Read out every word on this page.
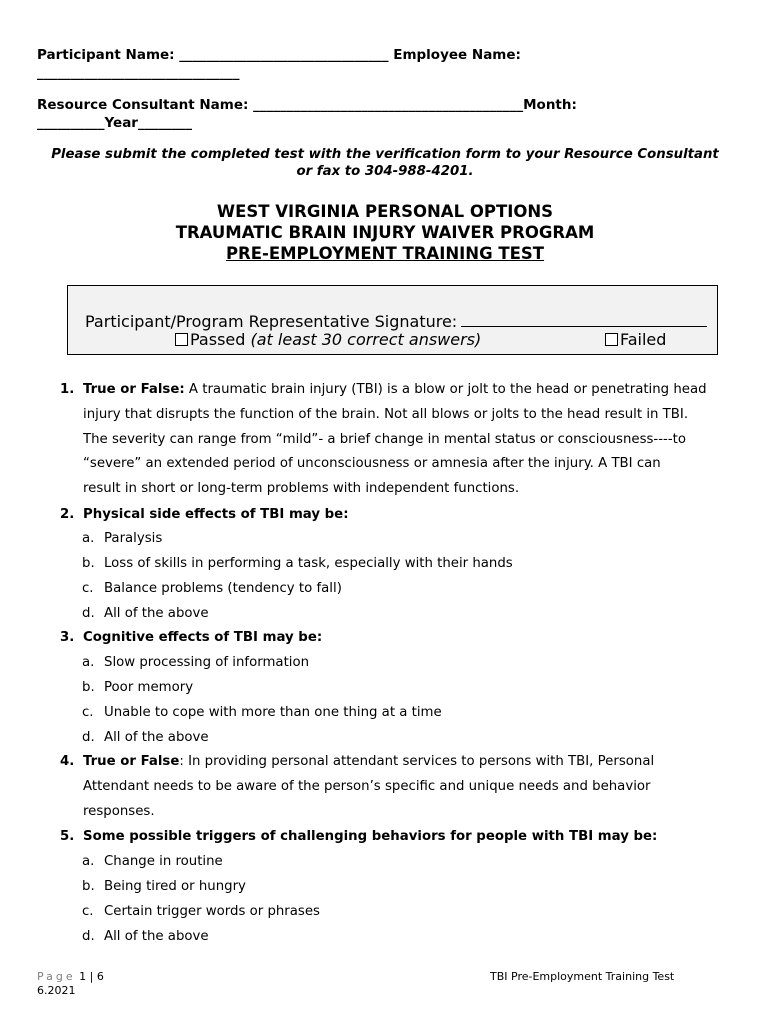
Participant Name: _______________________________ Employee Name:
______________________________
Resource Consultant Name: ________________________________________Month:
__________Year________
Please submit the completed test with the verification form to your Resource Consultant
or fax to 304-988-4201.
WEST VIRGINIA PERSONAL OPTIONS
TRAUMATIC BRAIN INJURY WAIVER PROGRAM
PRE-EMPLOYMENT TRAINING TEST
Participant/Program Representative Signature:
Passed (at least 30 correct answers)	Failed
1. True or False: A traumatic brain injury (TBI) is a blow or jolt to the head or penetrating head
injury that disrupts the function of the brain. Not all blows or jolts to the head result in TBI.
The severity can range from “mild”- a brief change in mental status or consciousness----to
“severe” an extended period of unconsciousness or amnesia after the injury. A TBI can
result in short or long-term problems with independent functions.
2. Physical side effects of TBI may be:
a. Paralysis
b. Loss of skills in performing a task, especially with their hands
c. Balance problems (tendency to fall)
d. All of the above
3. Cognitive effects of TBI may be:
a. Slow processing of information
b. Poor memory
c. Unable to cope with more than one thing at a time
d. All of the above
4. True or False: In providing personal attendant services to persons with TBI, Personal
Attendant needs to be aware of the person’s specific and unique needs and behavior
responses.
5. Some possible triggers of challenging behaviors for people with TBI may be:
a. Change in routine
b. Being tired or hungry
c. Certain trigger words or phrases
d. All of the above
Page 1 | 6
6.2021
TBI Pre-Employment Training Test
